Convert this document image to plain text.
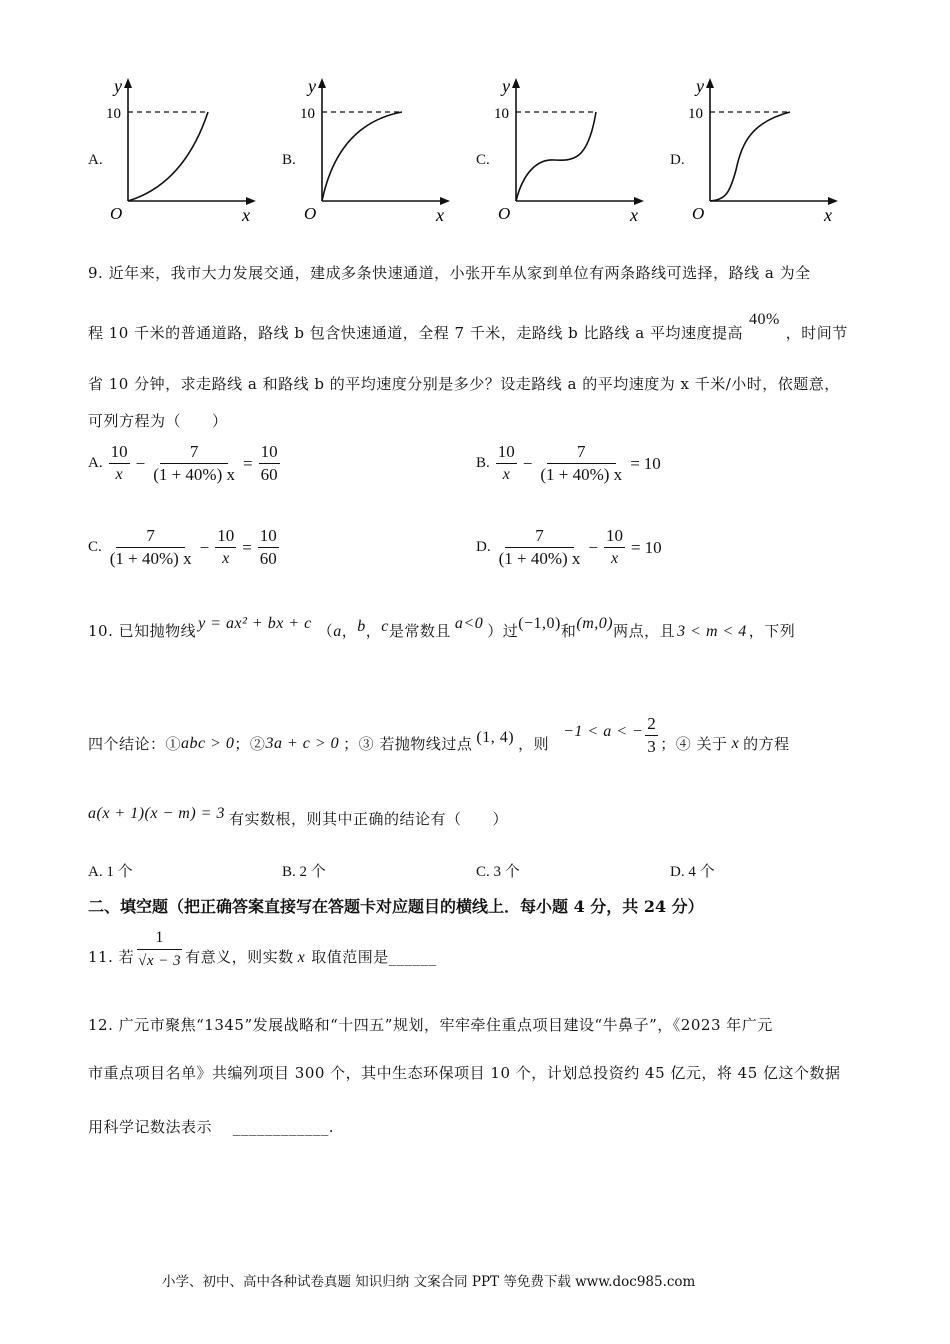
A.
y
10
O	x
B.
y
10
O	x
C.
y
10
O	x
D.
y
10
O	x
9. 近年来，我市大力发展交通，建成多条快速通道，小张开车从家到单位有两条路线可选择，路线 a 为全
程 10 千米的普通道路，路线 b 包含快速通道，全程 7 千米，走路线 b 比路线 a 平均速度提高40%，时间节
省 10 分钟，求走路线 a 和路线 b 的平均速度分别是多少？设走路线 a 的平均速度为 x 千米/小时，依题意，
可列方程为（　　）
A. $\frac{10}{x} - \frac{7}{(1 + 40\%) x} = \frac{10}{60}$	B. $\frac{10}{x} - \frac{7}{(1 + 40\%) x} = 10$
C. $\frac{7}{(1 + 40\%) x} - \frac{10}{x} = \frac{10}{60}$	D. $\frac{7}{(1 + 40\%) x} - \frac{10}{x} = 10$
10. 已知抛物线 y = ax² + bx + c （a，b，c是常数且 a<0 ）过(−1,0)和(m,0)两点，且 3 < m < 4 ，下列
四个结论：① abc > 0 ；② 3a + c > 0 ；③ 若抛物线过点 (1, 4) ，则
−1 < a < − $\frac{2}{3}$ ；④ 关于 x 的方程
a(x + 1)(x − m) = 3 有实数根，则其中正确的结论有（　　）
A. 1 个	B. 2 个	C. 3 个	D. 4 个
二、填空题（把正确答案直接写在答题卡对应题目的横线上．每小题 4 分，共 24 分）
11. 若 $\frac{1}{√x - 3}$ 有意义，则实数 x 取值范围是______
12. 广元市聚焦“1345”发展战略和“十四五”规划，牢牢牵住重点项目建设“牛鼻子”，《2023 年广元
市重点项目名单》共编列项目 300 个，其中生态环保项目 10 个，计划总投资约 45 亿元，将 45 亿这个数据
用科学记数法表示　 ____________.
小学、初中、高中各种试卷真题 知识归纳 文案合同 PPT 等免费下载 www.doc985.com
